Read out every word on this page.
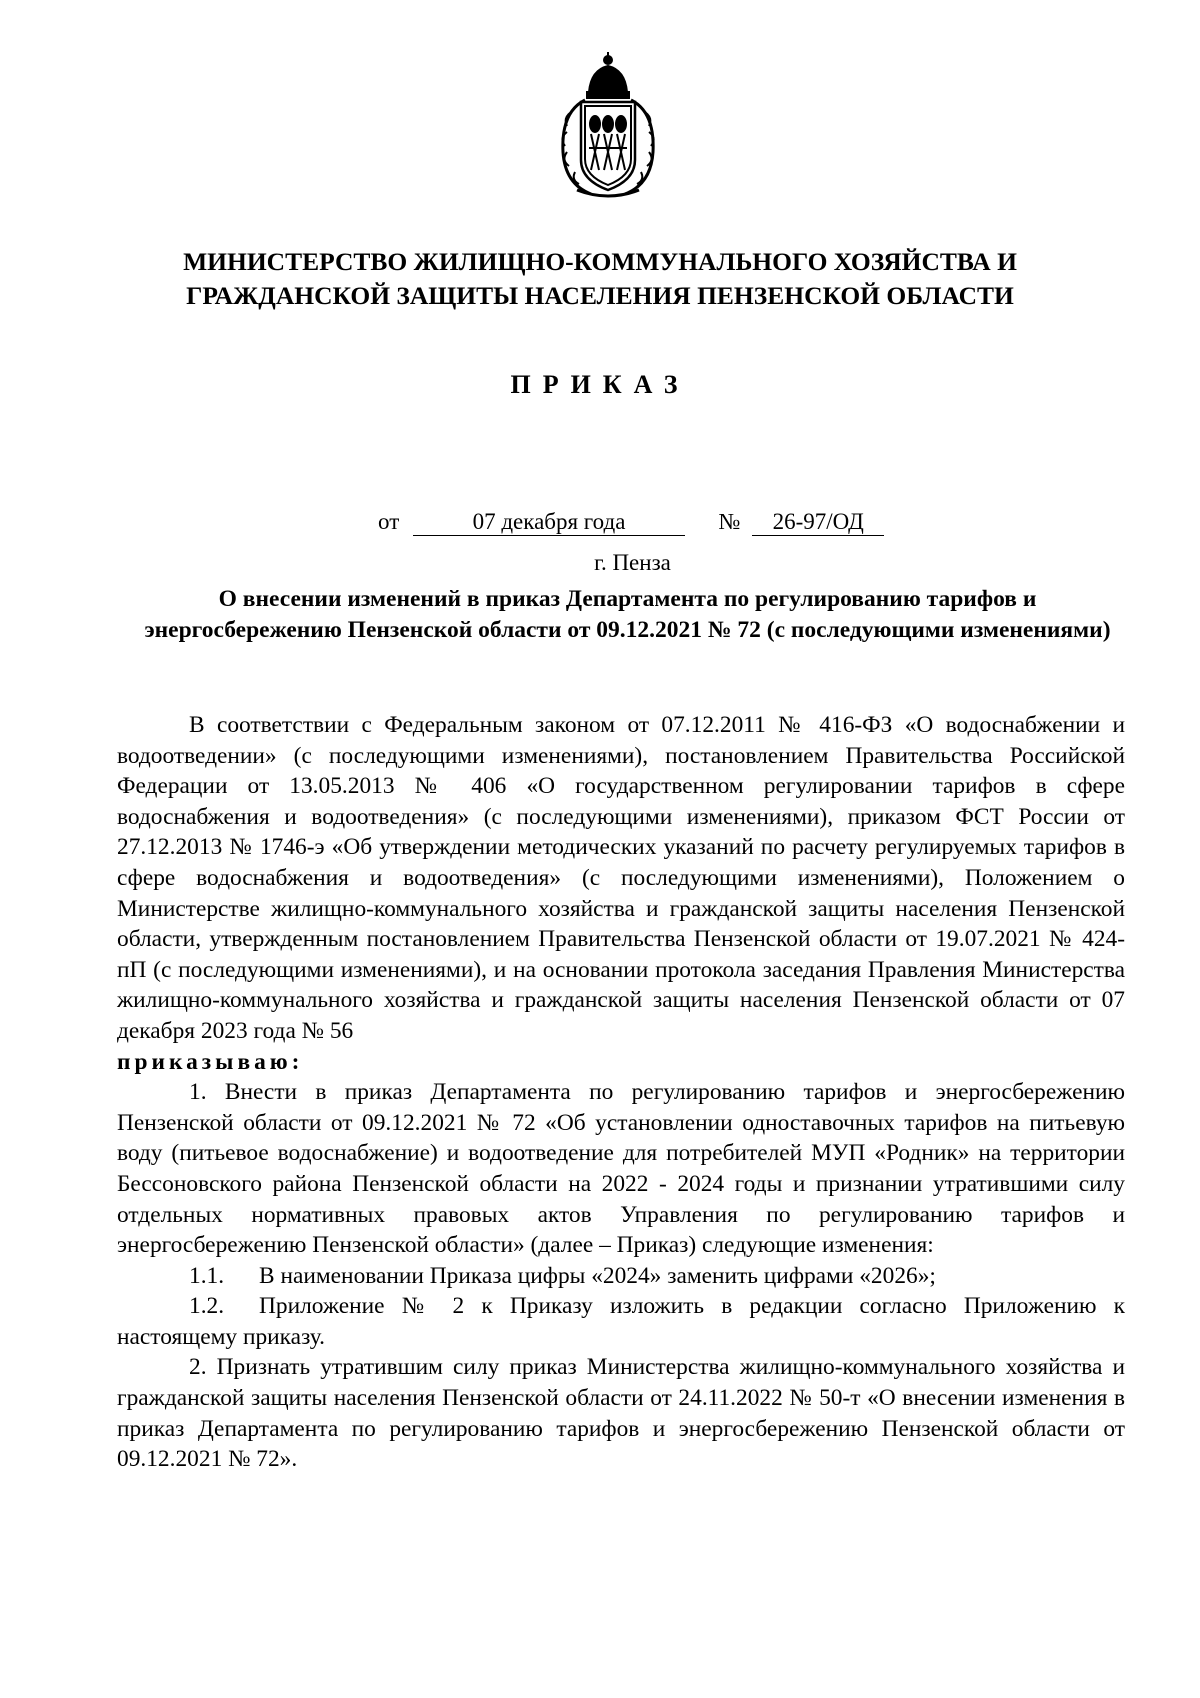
МИНИСТЕРСТВО ЖИЛИЩНО-КОММУНАЛЬНОГО ХОЗЯЙСТВА И
ГРАЖДАНСКОЙ ЗАЩИТЫ НАСЕЛЕНИЯ ПЕНЗЕНСКОЙ ОБЛАСТИ
ПРИКАЗ
от	07 декабря года	№ 26-97/ОД
г. Пенза
О внесении изменений в приказ Департамента по регулированию тарифов и энергосбережению Пензенской области от 09.12.2021 № 72 (с последующими изменениями)

В соответствии с Федеральным законом от 07.12.2011 № 416-ФЗ «О водоснабжении и водоотведении» (с последующими изменениями), постановлением Правительства Российской Федерации от 13.05.2013 № 406 «О государственном регулировании тарифов в сфере водоснабжения и водоотведения» (с последующими изменениями), приказом ФСТ России от 27.12.2013 № 1746-э «Об утверждении методических указаний по расчету регулируемых тарифов в сфере водоснабжения и водоотведения» (с последующими изменениями), Положением о Министерстве жилищно-коммунального хозяйства и гражданской защиты населения Пензенской области, утвержденным постановлением Правительства Пензенской области от 19.07.2021 № 424-пП (с последующими изменениями), и на основании протокола заседания Правления Министерства жилищно-коммунального хозяйства и гражданской защиты населения Пензенской области от 07 декабря 2023 года № 56

приказываю:

1. Внести в приказ Департамента по регулированию тарифов и энергосбережению Пензенской области от 09.12.2021 № 72 «Об установлении одноставочных тарифов на питьевую воду (питьевое водоснабжение) и водоотведение для потребителей МУП «Родник» на территории Бессоновского района Пензенской области на 2022 - 2024 годы и признании утратившими силу отдельных нормативных правовых актов Управления по регулированию тарифов и энергосбережению Пензенской области» (далее – Приказ) следующие изменения:

1.1. В наименовании Приказа цифры «2024» заменить цифрами «2026»;

1.2. Приложение № 2 к Приказу изложить в редакции согласно Приложению к настоящему приказу.

2. Признать утратившим силу приказ Министерства жилищно-коммунального хозяйства и гражданской защиты населения Пензенской области от 24.11.2022 № 50-т «О внесении изменения в приказ Департамента по регулированию тарифов и энергосбережению Пензенской области от 09.12.2021 № 72».
